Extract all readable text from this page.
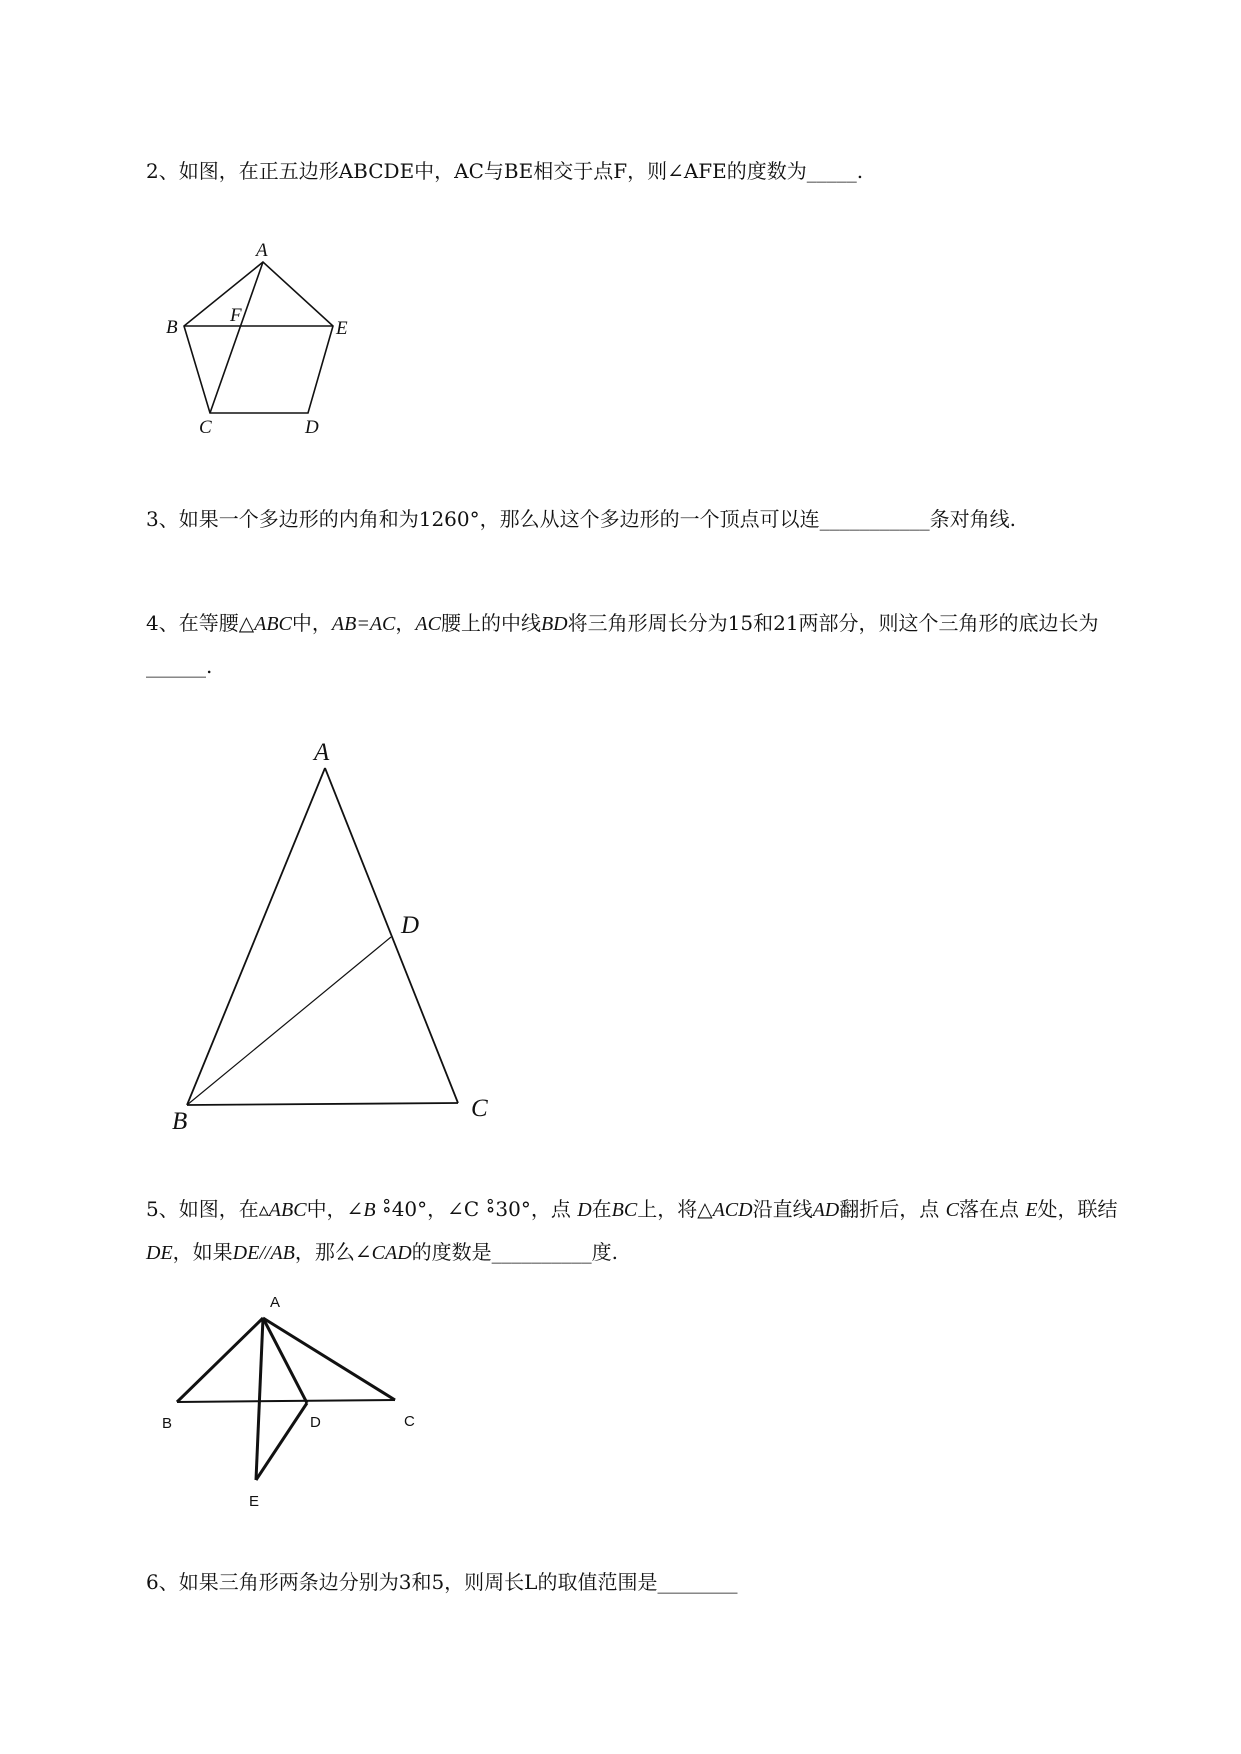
2、如图，在正五边形ABCDE中，AC与BE相交于点F，则∠AFE的度数为_____.

A
B
F
E
C	D

3、如果一个多边形的内角和为1260°，那么从这个多边形的一个顶点可以连___________条对角线.

4、在等腰△ABC中，AB=AC，AC腰上的中线BD将三角形周长分为15和21两部分，则这个三角形的底边长为______.

A
D
B	C

5、如图，在▵ABC中，∠B ∘̊40°，∠C ∘̊30°，点 D在BC上，将△ACD沿直线AD翻折后，点 C落在点 E处，联结DE，如果DE//AB，那么∠CAD的度数是__________度.

A
B	D	C
E

6、如果三角形两条边分别为3和5，则周长L的取值范围是________
